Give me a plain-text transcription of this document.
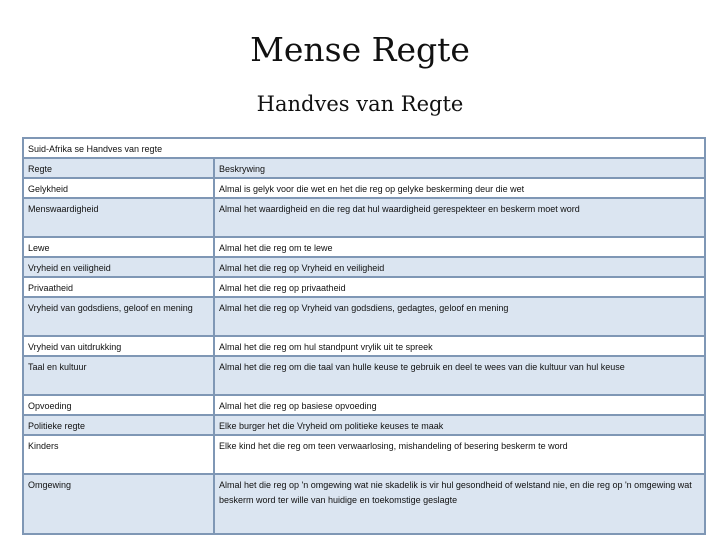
Mense Regte
Handves van Regte
Suid-Afrika se Handves van regte	
Regte	Beskrywing
Gelykheid	Almal is gelyk voor die wet en het die reg op gelyke beskerming deur die wet
Menswaardigheid	Almal het waardigheid en die reg dat hul waardigheid gerespekteer en beskerm moet word
Lewe	Almal het die reg om te lewe
Vryheid en veiligheid	Almal het die reg op Vryheid en veiligheid
Privaatheid	Almal het die reg op privaatheid
Vryheid van godsdiens, geloof en mening	Almal het die reg op Vryheid van godsdiens, gedagtes, geloof en mening
Vryheid van uitdrukking	Almal het die reg om hul standpunt vrylik uit te spreek
Taal en kultuur	Almal het die reg om die taal van hulle keuse te gebruik en deel te wees van die kultuur van hul keuse
Opvoeding	Almal het die reg op basiese opvoeding
Politieke regte	Elke burger het die Vryheid om politieke keuses te maak
Kinders	Elke kind het die reg om teen verwaarlosing, mishandeling of besering beskerm te word
Omgewing	Almal het die reg op 'n omgewing wat nie skadelik is vir hul gesondheid of welstand nie, en die reg op 'n omgewing wat beskerm word ter wille van huidige en toekomstige geslagte
